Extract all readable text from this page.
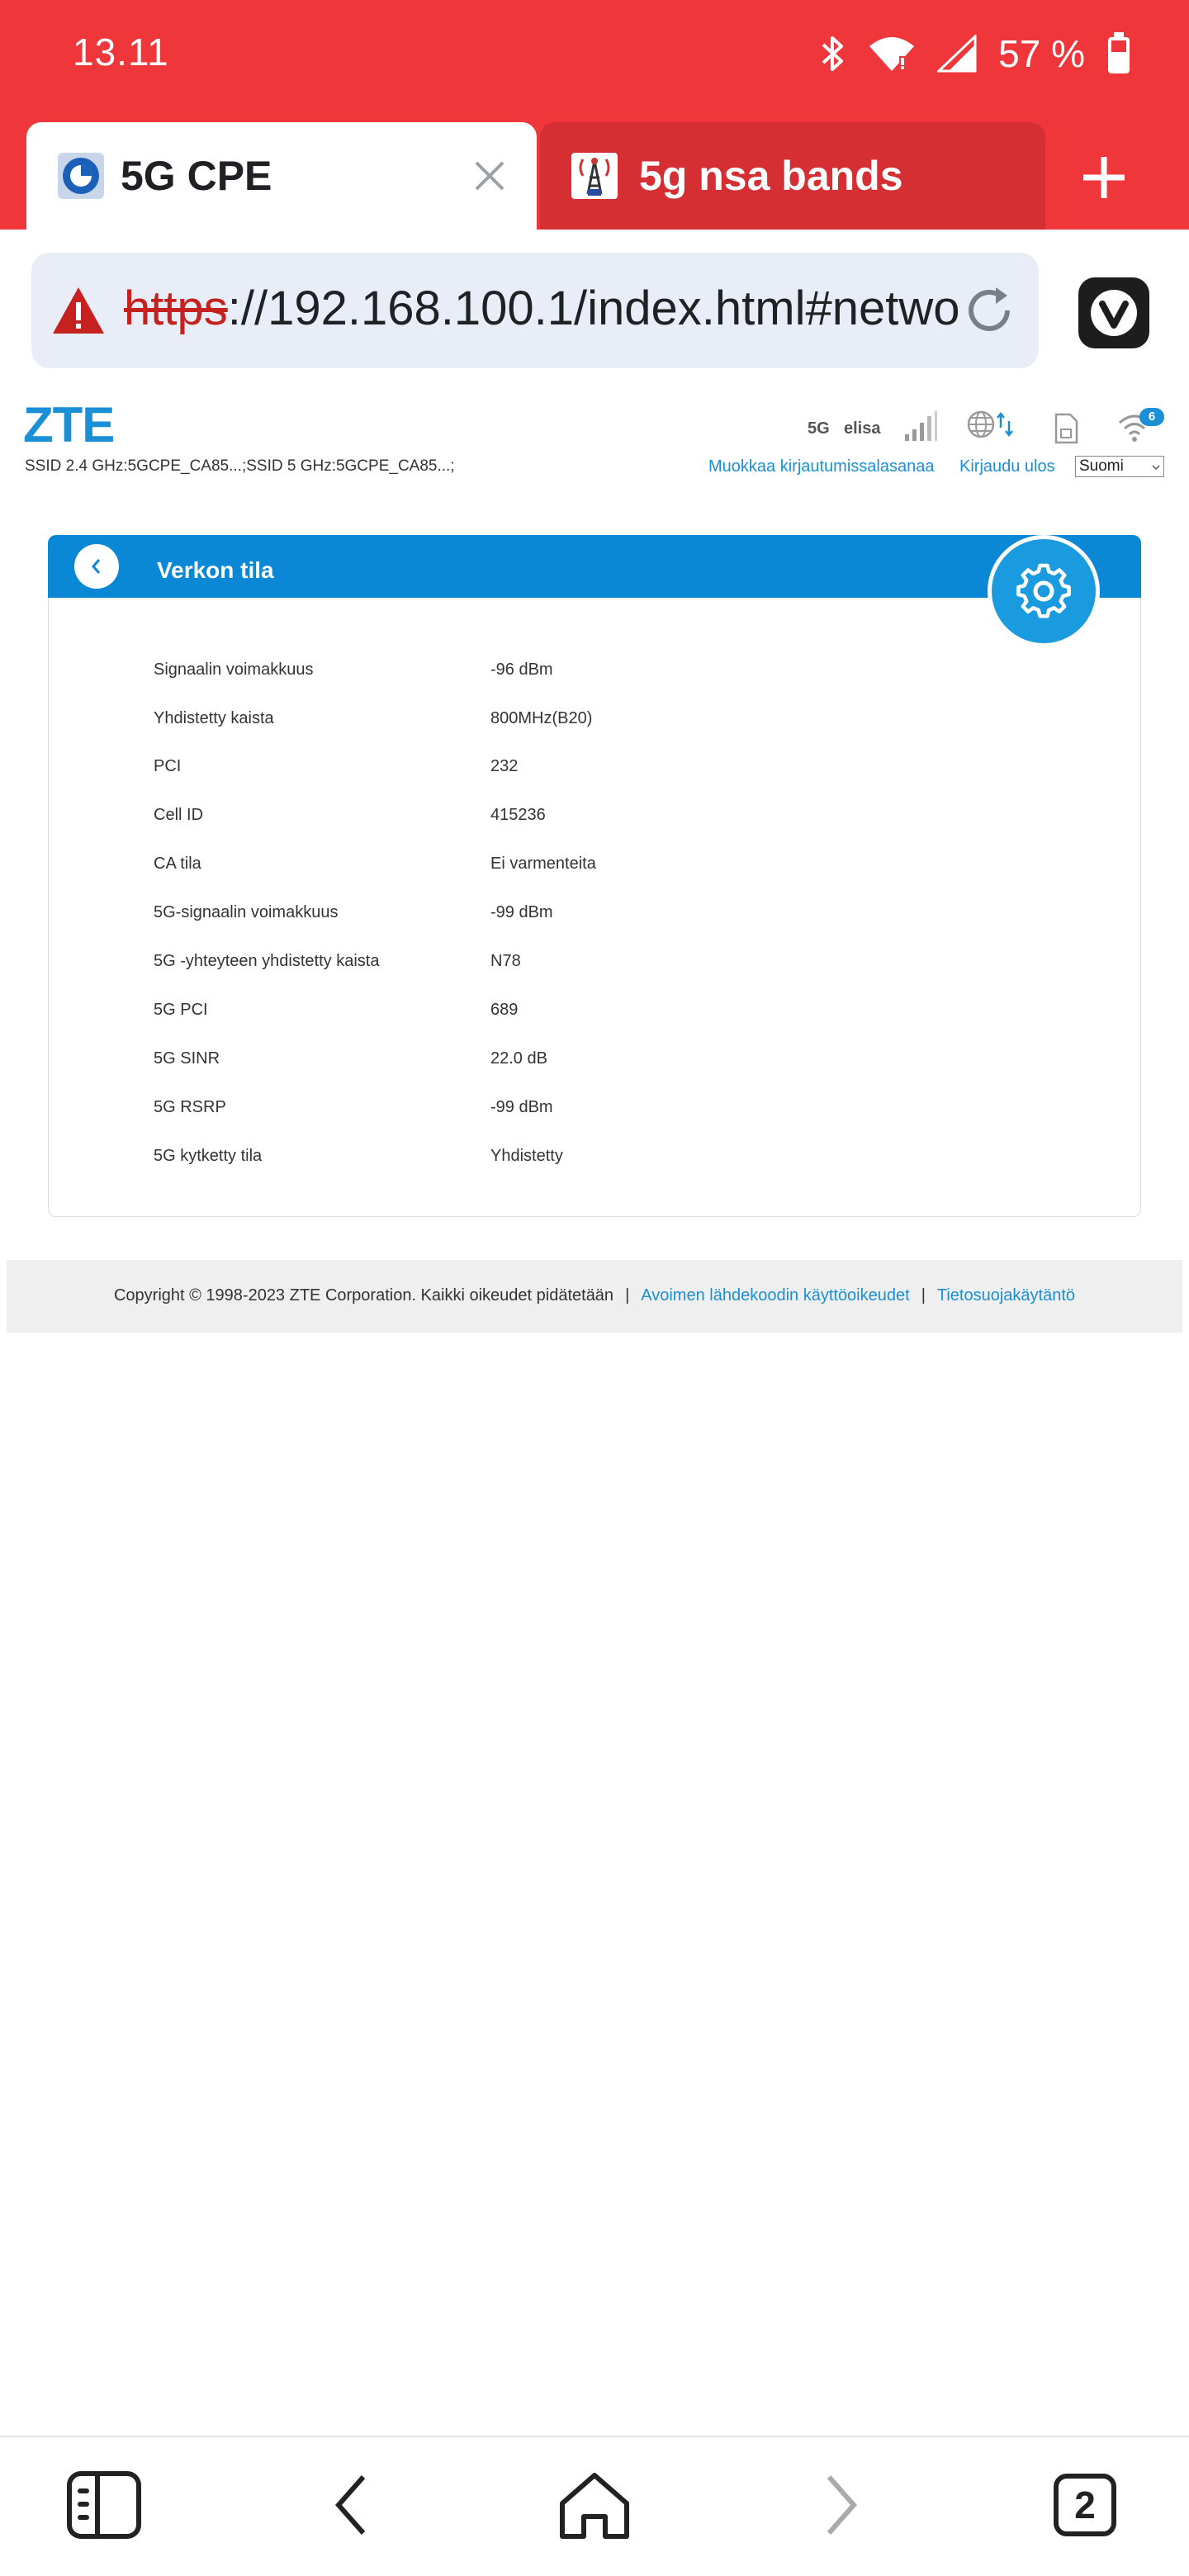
13.11	57 %
5G CPE	5g nsa bands
https://192.168.100.1/index.html#netwo
ZTE
SSID 2.4 GHz:5GCPE_CA85...;SSID 5 GHz:5GCPE_CA85...;
5G elisa
6
Muokkaa kirjautumissalasanaa Kirjaudu ulos Suomi
Verkon tila
Signaalin voimakkuus	-96 dBm
Yhdistetty kaista	800MHz(B20)
PCI	232
Cell ID	415236
CA tila	Ei varmenteita
5G-signaalin voimakkuus	-99 dBm
5G -yhteyteen yhdistetty kaista	N78
5G PCI	689
5G SINR	22.0 dB
5G RSRP	-99 dBm
5G kytketty tila	Yhdistetty
Copyright © 1998-2023 ZTE Corporation. Kaikki oikeudet pidätetään | Avoimen lähdekoodin käyttöoikeudet | Tietosuojakäytäntö
2
